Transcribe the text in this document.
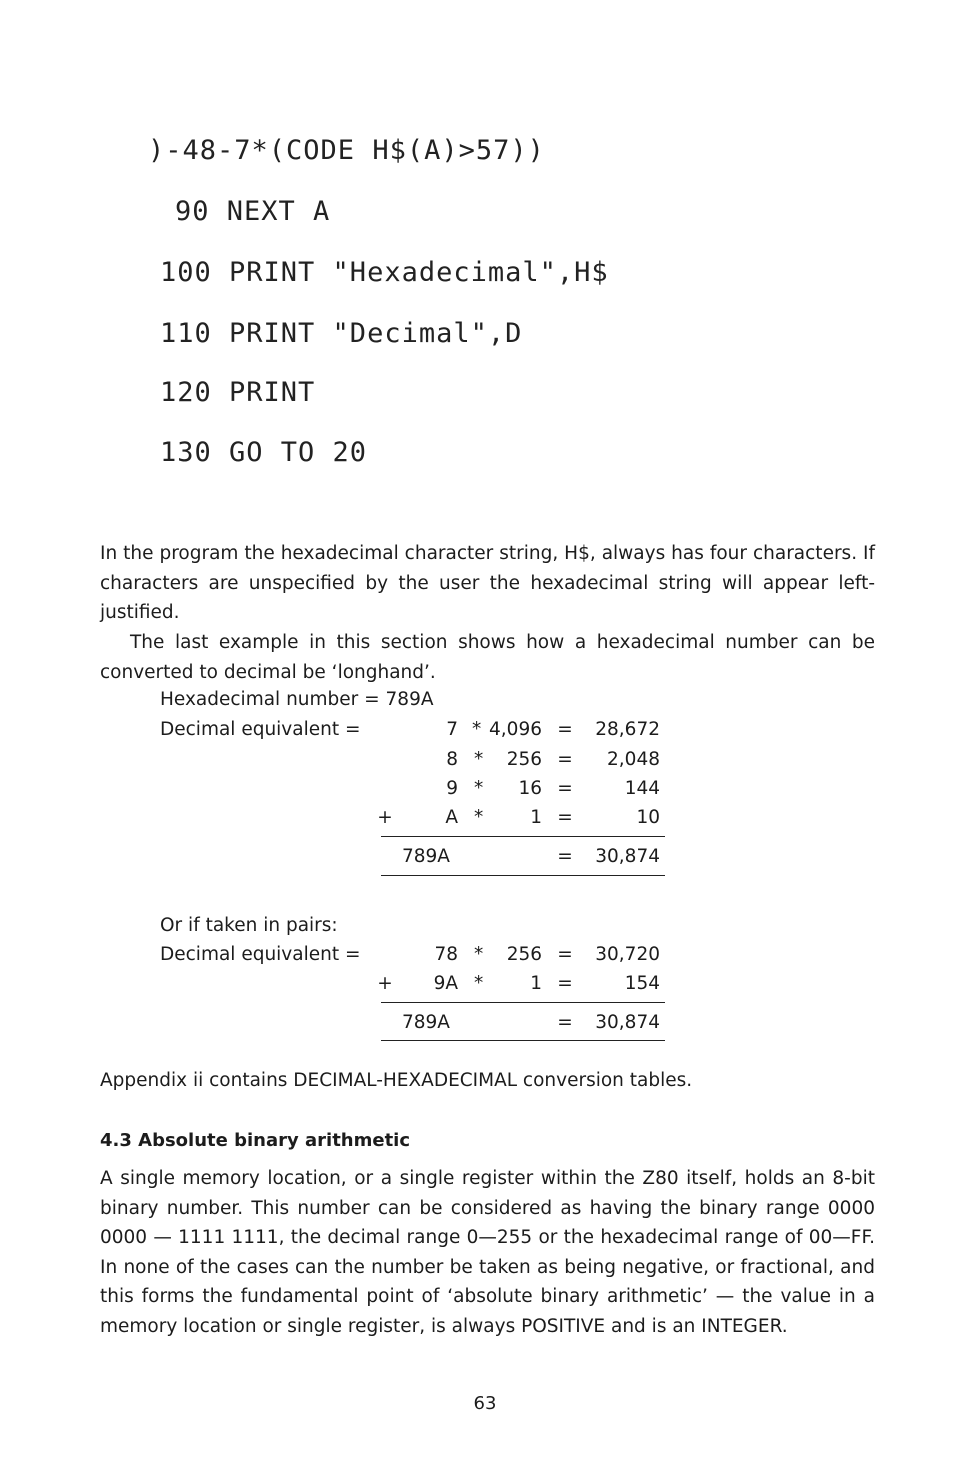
)-48-7*(CODE H$(A)>57))
90 NEXT A
100 PRINT "Hexadecimal",H$
110 PRINT "Decimal",D
120 PRINT
130 GO TO 20
In the program the hexadecimal character string, H$, always has four characters. If characters are unspecified by the user the hexadecimal string will appear left-justified.
The last example in this section shows how a hexadecimal number can be converted to decimal be ‘longhand’.
Hexadecimal number = 789A
Decimal equivalent =	7 * 4,096 =	28,672
8 *	256 =	2,048
9 *	16 =	144
+	A *	1 =	10
789A	=	30,874
Or if taken in pairs:
Decimal equivalent =	78 *	256 =	30,720
+	9A *	1 =	154
789A	=	30,874
Appendix ii contains DECIMAL-HEXADECIMAL conversion tables.
4.3 Absolute binary arithmetic
A single memory location, or a single register within the Z80 itself, holds an 8-bit binary number. This number can be considered as having the binary range 0000 0000 — 1111 1111, the decimal range 0—255 or the hexadecimal range of 00—FF. In none of the cases can the number be taken as being negative, or fractional, and this forms the fundamental point of ‘absolute binary arithmetic’ — the value in a memory location or single register, is always POSITIVE and is an INTEGER.
63
